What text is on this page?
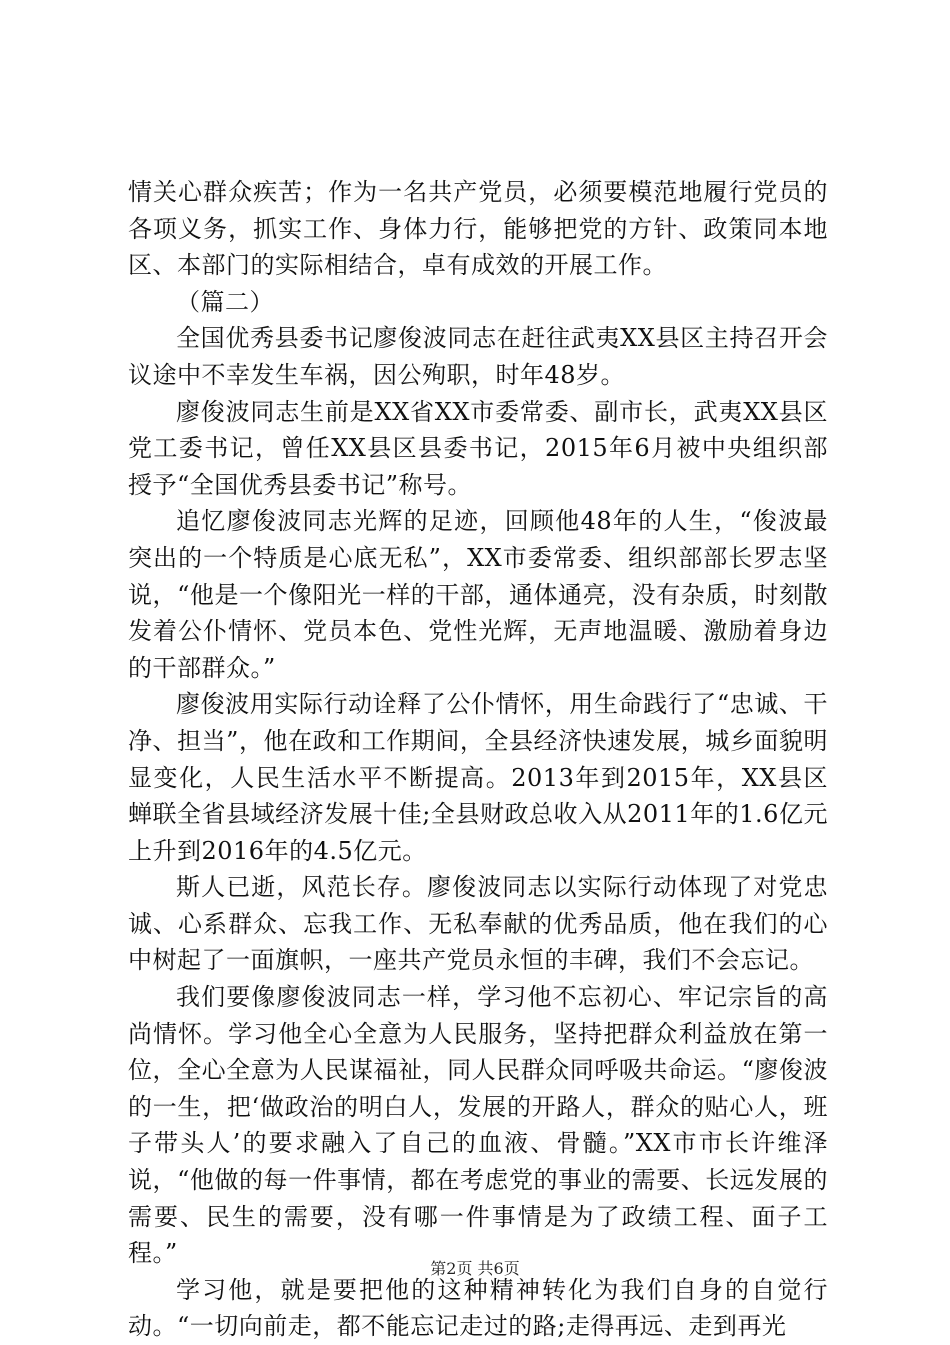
情关心群众疾苦；作为一名共产党员，必须要模范地履行党员的各项义务，抓实工作、身体力行，能够把党的方针、政策同本地区、本部门的实际相结合，卓有成效的开展工作。

（篇二）

全国优秀县委书记廖俊波同志在赶往武夷XX县区主持召开会议途中不幸发生车祸，因公殉职，时年48岁。

廖俊波同志生前是XX省XX市委常委、副市长，武夷XX县区党工委书记，曾任XX县区县委书记，2015年6月被中央组织部授予“全国优秀县委书记”称号。

追忆廖俊波同志光辉的足迹，回顾他48年的人生，“俊波最突出的一个特质是心底无私”，XX市委常委、组织部部长罗志坚说，“他是一个像阳光一样的干部，通体通亮，没有杂质，时刻散发着公仆情怀、党员本色、党性光辉，无声地温暖、激励着身边的干部群众。”

廖俊波用实际行动诠释了公仆情怀，用生命践行了“忠诚、干净、担当”，他在政和工作期间，全县经济快速发展，城乡面貌明显变化，人民生活水平不断提高。2013年到2015年，XX县区蝉联全省县域经济发展十佳;全县财政总收入从2011年的1.6亿元上升到2016年的4.5亿元。

斯人已逝，风范长存。廖俊波同志以实际行动体现了对党忠诚、心系群众、忘我工作、无私奉献的优秀品质，他在我们的心中树起了一面旗帜，一座共产党员永恒的丰碑，我们不会忘记。

我们要像廖俊波同志一样，学习他不忘初心、牢记宗旨的高尚情怀。学习他全心全意为人民服务，坚持把群众利益放在第一位，全心全意为人民谋福祉，同人民群众同呼吸共命运。“廖俊波的一生，把‘做政治的明白人，发展的开路人，群众的贴心人，班子带头人’的要求融入了自己的血液、骨髓。”XX市市长许维泽说，“他做的每一件事情，都在考虑党的事业的需要、长远发展的需要、民生的需要，没有哪一件事情是为了政绩工程、面子工程。”

学习他，就是要把他的这种精神转化为我们自身的自觉行动。“一切向前走，都不能忘记走过的路;走得再远、走到再光

第2页 共6页
